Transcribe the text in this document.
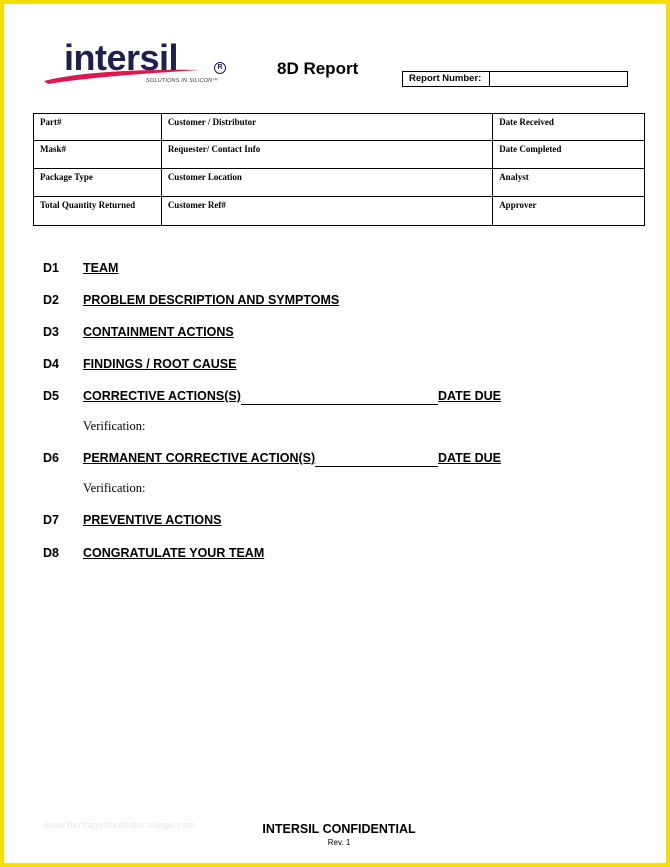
intersil	R
SOLUTIONS IN SILICON™
8D Report
Report Number:
Part#	Customer / Distributor	Date Received
Mask#	Requester/ Contact Info	Date Completed
Package Type	Customer Location	Analyst
Total Quantity Returned	Customer Ref#	Approver
D1 TEAM
D2 PROBLEM DESCRIPTION AND SYMPTOMS
D3 CONTAINMENT ACTIONS
D4 FINDINGS / ROOT CAUSE
D5 CORRECTIVE ACTIONS(S)	DATE DUE
Verification:
D6 PERMANENT CORRECTIVE ACTION(S)	DATE DUE
Verification:
D7 PREVENTIVE ACTIONS
D8 CONGRATULATE YOUR TEAM
www.heritagechristiancollege.com	INTERSIL CONFIDENTIAL
Rev. 1
